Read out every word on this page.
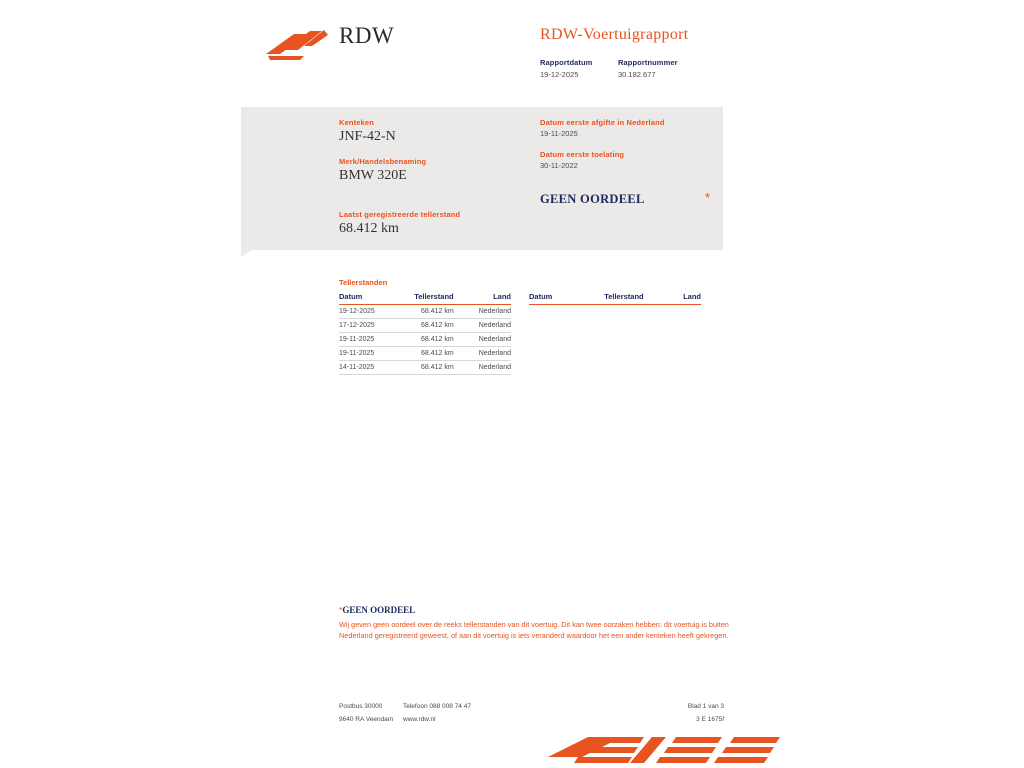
RDW	RDW-Voertuigrapport
Rapportdatum
19-12-2025
Rapportnummer
30.182.677
Kenteken
JNF-42-N
Merk/Handelsbenaming
BMW 320E
Laatst geregistreerde tellerstand
68.412 km
Datum eerste afgifte in Nederland
19-11-2025
Datum eerste toelating
30-11-2022
GEEN OORDEEL	*
Tellerstanden
Datum	Tellerstand	Land
19-12-2025	68.412 km	Nederland
17-12-2025	68.412 km	Nederland
19-11-2025	68.412 km	Nederland
19-11-2025	68.412 km	Nederland
14-11-2025	68.412 km	Nederland
Datum	Tellerstand	Land
*GEEN OORDEEL
Wij geven geen oordeel over de reeks tellerstanden van dit voertuig. Dit kan twee oorzaken hebben: dit voertuig is buiten Nederland geregistreerd geweest, of aan dit voertuig is iets veranderd waardoor het een ander kenteken heeft gekregen.
Postbus 30000	Telefoon 088 008 74 47
9640 RA Veendam	www.rdw.nl
Blad 1 van 3
3 E 1675f
